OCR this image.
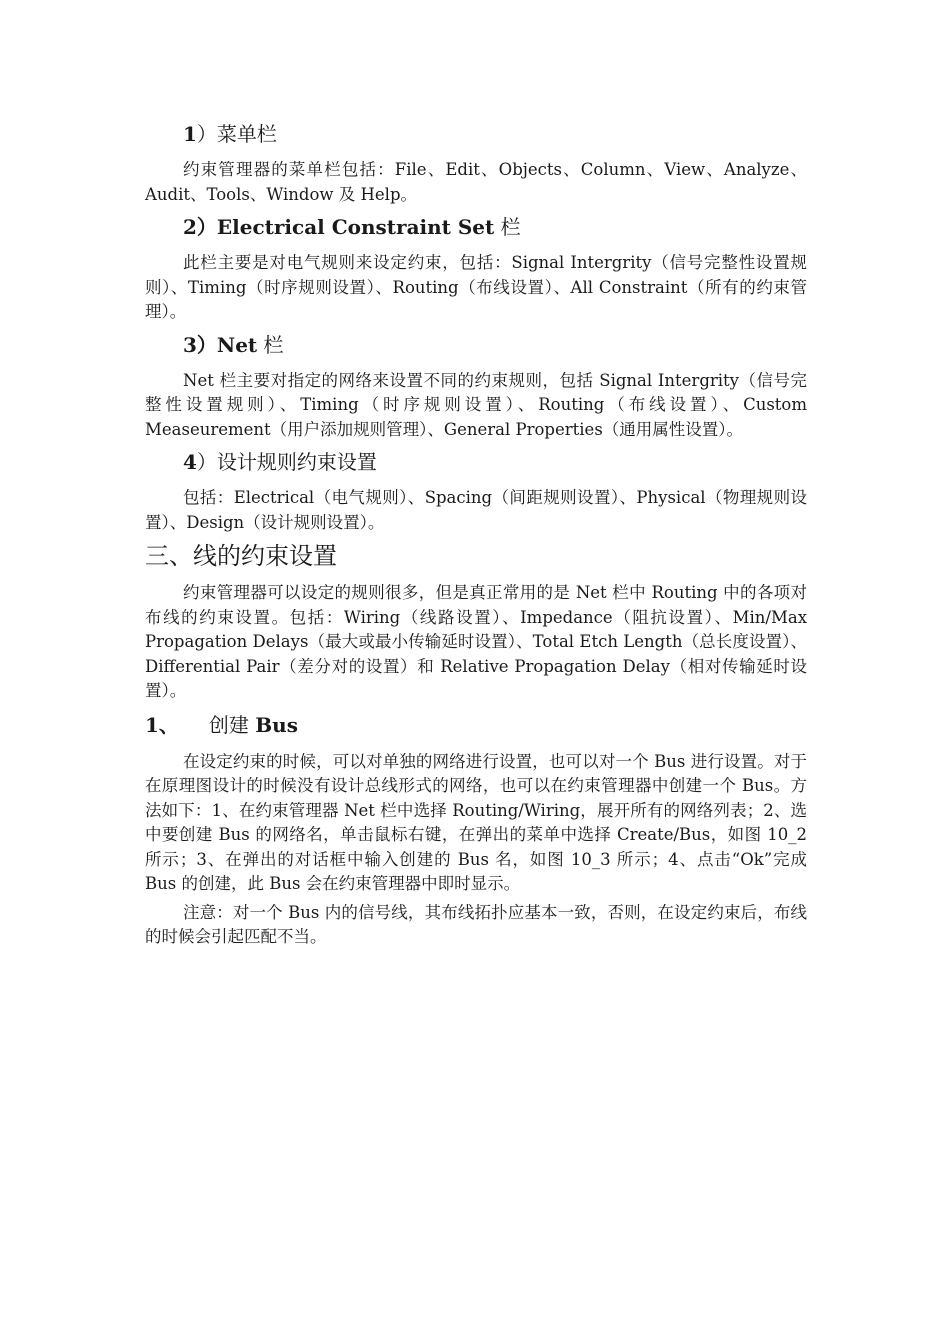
1）菜单栏

约束管理器的菜单栏包括：File、Edit、Objects、Column、View、Analyze、Audit、Tools、Window 及 Help。

2）Electrical Constraint Set 栏

此栏主要是对电气规则来设定约束，包括：Signal Intergrity（信号完整性设置规则）、Timing（时序规则设置）、Routing（布线设置）、All Constraint（所有的约束管理）。

3）Net 栏

Net 栏主要对指定的网络来设置不同的约束规则，包括 Signal Intergrity（信号完整性设置规则）、Timing（时序规则设置）、Routing（布线设置）、Custom Measeurement（用户添加规则管理）、General Properties（通用属性设置）。

4）设计规则约束设置

包括：Electrical（电气规则）、Spacing（间距规则设置）、Physical（物理规则设置）、Design（设计规则设置）。

三、线的约束设置

约束管理器可以设定的规则很多，但是真正常用的是 Net 栏中 Routing 中的各项对布线的约束设置。包括：Wiring（线路设置）、Impedance（阻抗设置）、Min/Max Propagation Delays（最大或最小传输延时设置）、Total Etch Length（总长度设置）、Differential Pair（差分对的设置）和 Relative Propagation Delay（相对传输延时设置）。

1、 创建 Bus

在设定约束的时候，可以对单独的网络进行设置，也可以对一个 Bus 进行设置。对于在原理图设计的时候没有设计总线形式的网络，也可以在约束管理器中创建一个 Bus。方法如下：1、在约束管理器 Net 栏中选择 Routing/Wiring，展开所有的网络列表；2、选中要创建 Bus 的网络名，单击鼠标右键，在弹出的菜单中选择 Create/Bus，如图 10_2 所示；3、在弹出的对话框中输入创建的 Bus 名，如图 10_3 所示；4、点击“Ok”完成 Bus 的创建，此 Bus 会在约束管理器中即时显示。

注意：对一个 Bus 内的信号线，其布线拓扑应基本一致，否则，在设定约束后，布线的时候会引起匹配不当。
